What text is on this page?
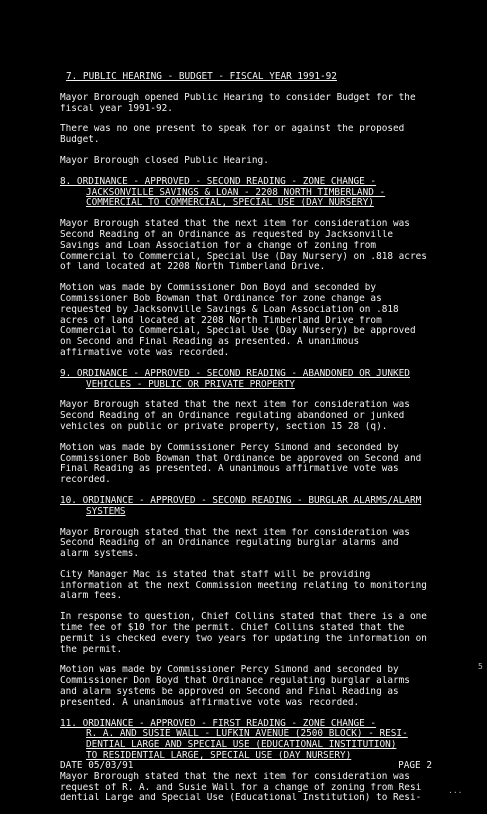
7. PUBLIC HEARING - BUDGET - FISCAL YEAR 1991-92
Mayor Brorough opened Public Hearing to consider Budget for the
fiscal year 1991-92.
There was no one present to speak for or against the proposed
Budget.
Mayor Brorough closed Public Hearing.
8. ORDINANCE - APPROVED - SECOND READING - ZONE CHANGE -
JACKSONVILLE SAVINGS & LOAN - 2208 NORTH TIMBERLAND -
COMMERCIAL TO COMMERCIAL, SPECIAL USE (DAY NURSERY)
Mayor Brorough stated that the next item for consideration was
Second Reading of an Ordinance as requested by Jacksonville
Savings and Loan Association for a change of zoning from
Commercial to Commercial, Special Use (Day Nursery) on .818 acres
of land located at 2208 North Timberland Drive.
Motion was made by Commissioner Don Boyd and seconded by
Commissioner Bob Bowman that Ordinance for zone change as
requested by Jacksonville Savings & Loan Association on .818
acres of land located at 2208 North Timberland Drive from
Commercial to Commercial, Special Use (Day Nursery) be approved
on Second and Final Reading as presented. A unanimous
affirmative vote was recorded.
9. ORDINANCE - APPROVED - SECOND READING - ABANDONED OR JUNKED
VEHICLES - PUBLIC OR PRIVATE PROPERTY
Mayor Brorough stated that the next item for consideration was
Second Reading of an Ordinance regulating abandoned or junked
vehicles on public or private property, section 15 28 (q).
Motion was made by Commissioner Percy Simond and seconded by
Commissioner Bob Bowman that Ordinance be approved on Second and
Final Reading as presented. A unanimous affirmative vote was
recorded.
10. ORDINANCE - APPROVED - SECOND READING - BURGLAR ALARMS/ALARM
SYSTEMS
Mayor Brorough stated that the next item for consideration was
Second Reading of an Ordinance regulating burglar alarms and
alarm systems.
City Manager Mac is stated that staff will be providing
information at the next Commission meeting relating to monitoring
alarm fees.
In response to question, Chief Collins stated that there is a one
time fee of $10 for the permit. Chief Collins stated that the
permit is checked every two years for updating the information on
the permit.
Motion was made by Commissioner Percy Simond and seconded by
Commissioner Don Boyd that Ordinance regulating burglar alarms
and alarm systems be approved on Second and Final Reading as
presented. A unanimous affirmative vote was recorded.
11. ORDINANCE - APPROVED - FIRST READING - ZONE CHANGE -
R. A. AND SUSIE WALL - LUFKIN AVENUE (2500 BLOCK) - RESI-
DENTIAL LARGE AND SPECIAL USE (EDUCATIONAL INSTITUTION)
TO RESIDENTIAL LARGE, SPECIAL USE (DAY NURSERY)
Mayor Brorough stated that the next item for consideration was
request of R. A. and Susie Wall for a change of zoning from Resi
dential Large and Special Use (Educational Institution) to Resi-
DATE 05/03/91	PAGE 2
5
...
